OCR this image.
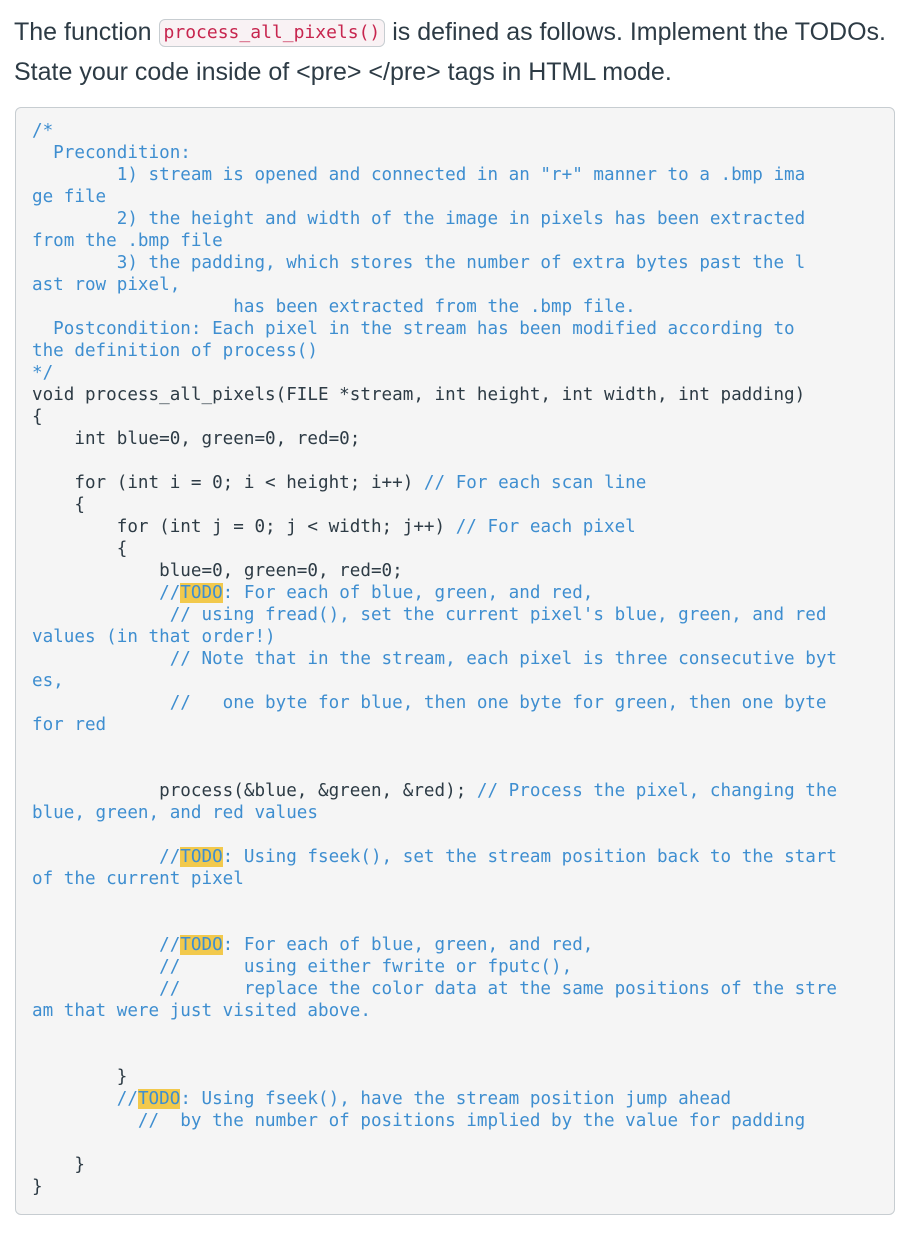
The function process_all_pixels() is defined as follows. Implement the TODOs. State your code inside of <pre> </pre> tags in HTML mode.
/*
Precondition:
1) stream is opened and connected in an "r+" manner to a .bmp ima
ge file
2) the height and width of the image in pixels has been extracted
from the .bmp file
3) the padding, which stores the number of extra bytes past the l
ast row pixel,
has been extracted from the .bmp file.
Postcondition: Each pixel in the stream has been modified according to
the definition of process()
*/
void process_all_pixels(FILE *stream, int height, int width, int padding)
{
int blue=0, green=0, red=0;
for (int i = 0; i < height; i++) // For each scan line
{
for (int j = 0; j < width; j++) // For each pixel
{
blue=0, green=0, red=0;
//TODO: For each of blue, green, and red,
// using fread(), set the current pixel's blue, green, and red
values (in that order!)
// Note that in the stream, each pixel is three consecutive byt
es,
//   one byte for blue, then one byte for green, then one byte
for red
process(&blue, &green, &red); // Process the pixel, changing the
blue, green, and red values
//TODO: Using fseek(), set the stream position back to the start
of the current pixel
//TODO: For each of blue, green, and red,
//      using either fwrite or fputc(),
//      replace the color data at the same positions of the stre
am that were just visited above.
}
//TODO: Using fseek(), have the stream position jump ahead
//  by the number of positions implied by the value for padding
}
}
